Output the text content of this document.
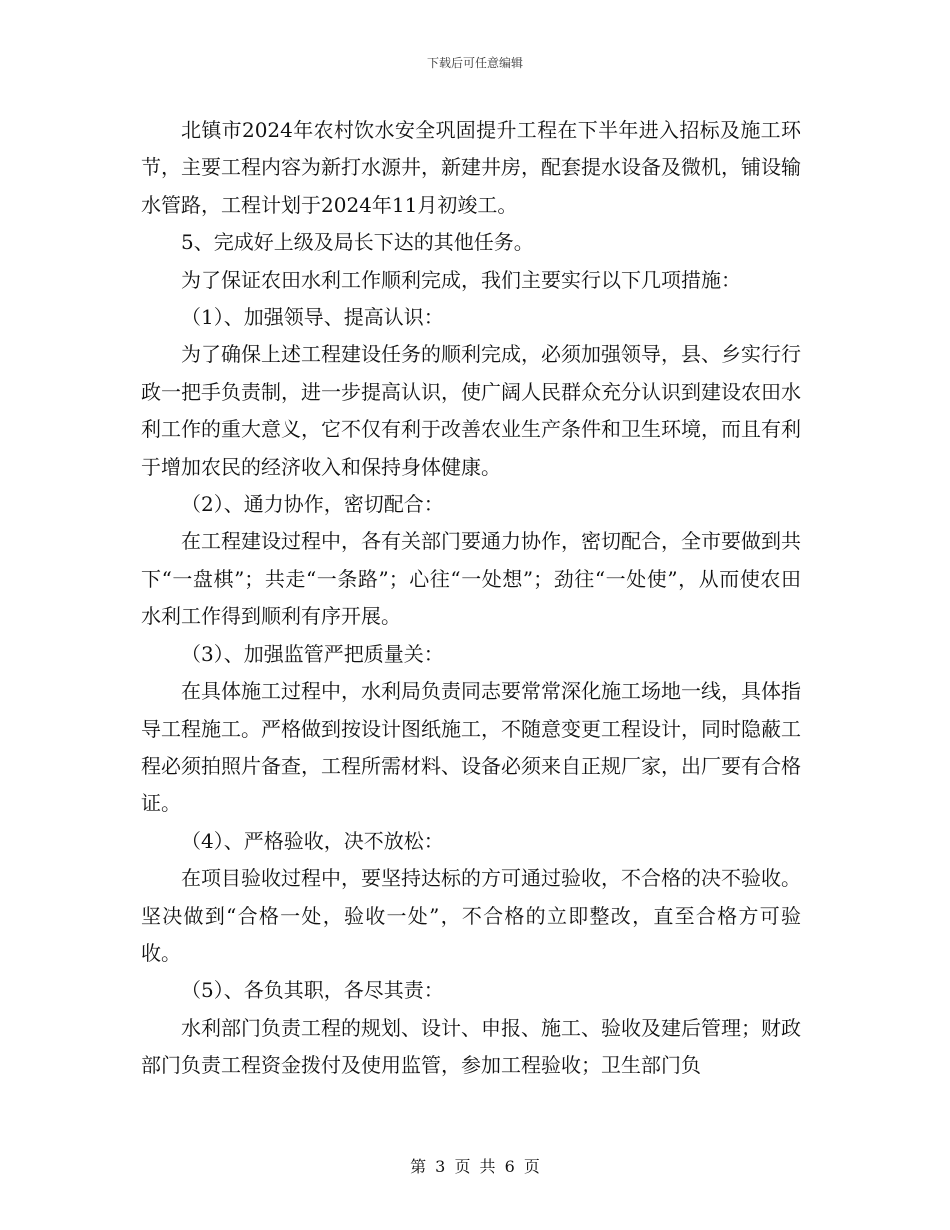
下载后可任意编辑

北镇市2024年农村饮水安全巩固提升工程在下半年进入招标及施工环节，主要工程内容为新打水源井，新建井房，配套提水设备及微机，铺设输水管路，工程计划于2024年11月初竣工。

5、完成好上级及局长下达的其他任务。

为了保证农田水利工作顺利完成，我们主要实行以下几项措施：

（1）、加强领导、提高认识：

为了确保上述工程建设任务的顺利完成，必须加强领导，县、乡实行行政一把手负责制，进一步提高认识，使广阔人民群众充分认识到建设农田水利工作的重大意义，它不仅有利于改善农业生产条件和卫生环境，而且有利于增加农民的经济收入和保持身体健康。

（2）、通力协作，密切配合：

在工程建设过程中，各有关部门要通力协作，密切配合，全市要做到共下“一盘棋”；共走“一条路”；心往“一处想”；劲往“一处使”，从而使农田水利工作得到顺利有序开展。

（3）、加强监管严把质量关：

在具体施工过程中，水利局负责同志要常常深化施工场地一线，具体指导工程施工。严格做到按设计图纸施工，不随意变更工程设计，同时隐蔽工程必须拍照片备查，工程所需材料、设备必须来自正规厂家，出厂要有合格证。

（4）、严格验收，决不放松：

在项目验收过程中，要坚持达标的方可通过验收，不合格的决不验收。坚决做到“合格一处，验收一处”，不合格的立即整改，直至合格方可验收。

（5）、各负其职，各尽其责：

水利部门负责工程的规划、设计、申报、施工、验收及建后管理；财政部门负责工程资金拨付及使用监管，参加工程验收；卫生部门负

第 3 页 共 6 页
